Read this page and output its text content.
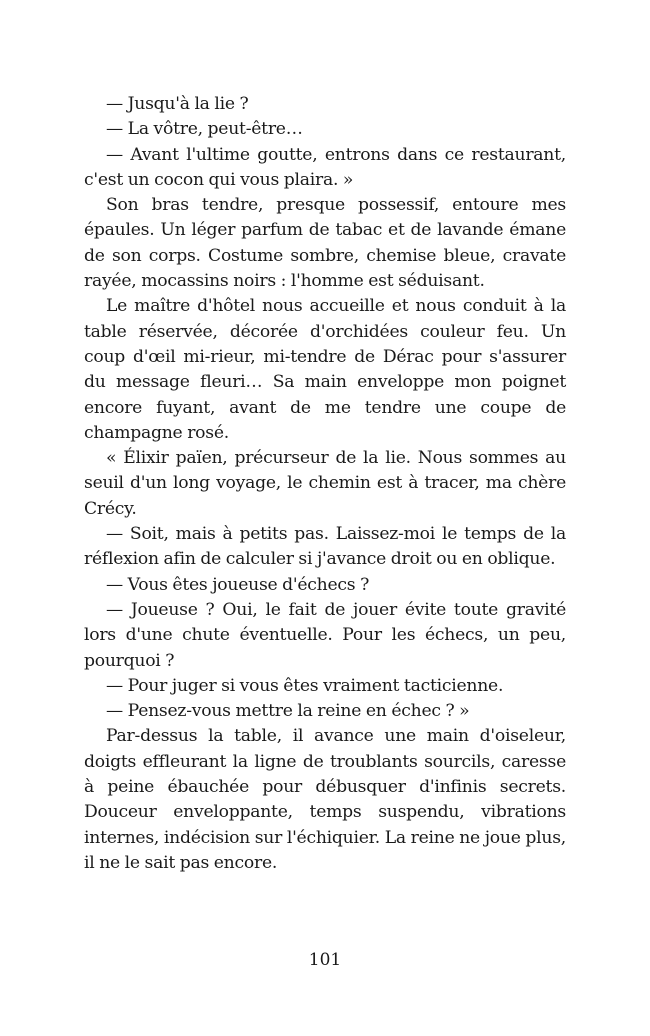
— Jusqu'à la lie ?

— La vôtre, peut-être…

— Avant l'ultime goutte, entrons dans ce restaurant, c'est un cocon qui vous plaira. »

Son bras tendre, presque possessif, entoure mes épaules. Un léger parfum de tabac et de lavande émane de son corps. Costume sombre, chemise bleue, cravate rayée, mocassins noirs : l'homme est séduisant.

Le maître d'hôtel nous accueille et nous conduit à la table réservée, décorée d'orchidées couleur feu. Un coup d'œil mi-rieur, mi-tendre de Dérac pour s'assurer du message fleuri… Sa main enveloppe mon poignet encore fuyant, avant de me tendre une coupe de champagne rosé.

« Élixir païen, précurseur de la lie. Nous sommes au seuil d'un long voyage, le chemin est à tracer, ma chère Crécy.

— Soit, mais à petits pas. Laissez-moi le temps de la réflexion afin de calculer si j'avance droit ou en oblique.

— Vous êtes joueuse d'échecs ?

— Joueuse ? Oui, le fait de jouer évite toute gravité lors d'une chute éventuelle. Pour les échecs, un peu, pourquoi ?

— Pour juger si vous êtes vraiment tacticienne.

— Pensez-vous mettre la reine en échec ? »

Par-dessus la table, il avance une main d'oiseleur, doigts effleurant la ligne de troublants sourcils, caresse à peine ébauchée pour débusquer d'infinis secrets. Douceur enveloppante, temps suspendu, vibrations internes, indécision sur l'échiquier. La reine ne joue plus, il ne le sait pas encore.

101
